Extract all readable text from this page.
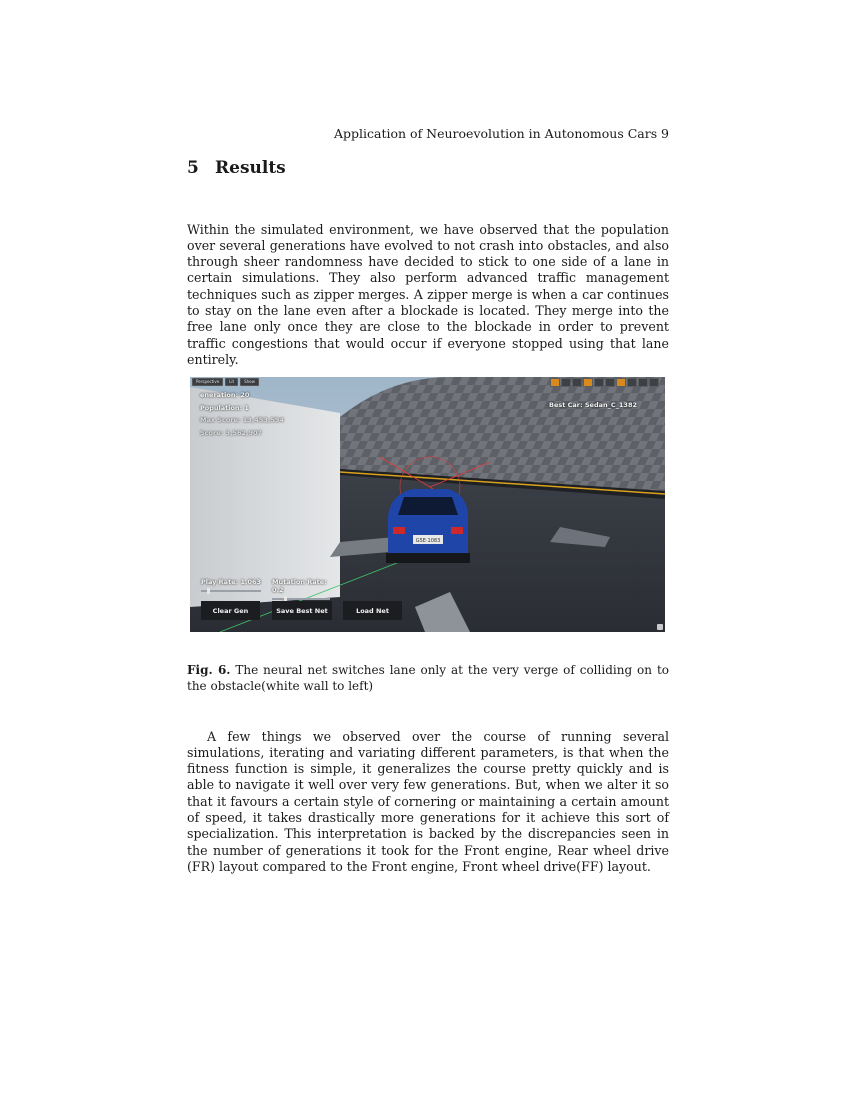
Application of Neuroevolution in Autonomous Cars 9
5 Results

Within the simulated environment, we have observed that the population over several generations have evolved to not crash into obstacles, and also through sheer randomness have decided to stick to one side of a lane in certain simulations. They also perform advanced traffic management techniques such as zipper merges. A zipper merge is when a car continues to stay on the lane even after a blockade is located. They merge into the free lane only once they are close to the blockade in order to prevent traffic congestions that would occur if everyone stopped using that lane entirely.

G5E·1083
Perspective	Lit	Show
eneration: 20
Population: 1
Max Score: 13,453,594
Score: 3,562,907
Best Car: Sedan_C_1382
Play Rate: 1.063 Mutation Rate: 0.2
Clear Gen	Save Best Net	Load Net

Fig. 6. The neural net switches lane only at the very verge of colliding on to the obstacle(white wall to left)

A few things we observed over the course of running several simulations, iterating and variating different parameters, is that when the fitness function is simple, it generalizes the course pretty quickly and is able to navigate it well over very few generations. But, when we alter it so that it favours a certain style of cornering or maintaining a certain amount of speed, it takes drastically more generations for it achieve this sort of specialization. This interpretation is backed by the discrepancies seen in the number of generations it took for the Front engine, Rear wheel drive (FR) layout compared to the Front engine, Front wheel drive(FF) layout.
